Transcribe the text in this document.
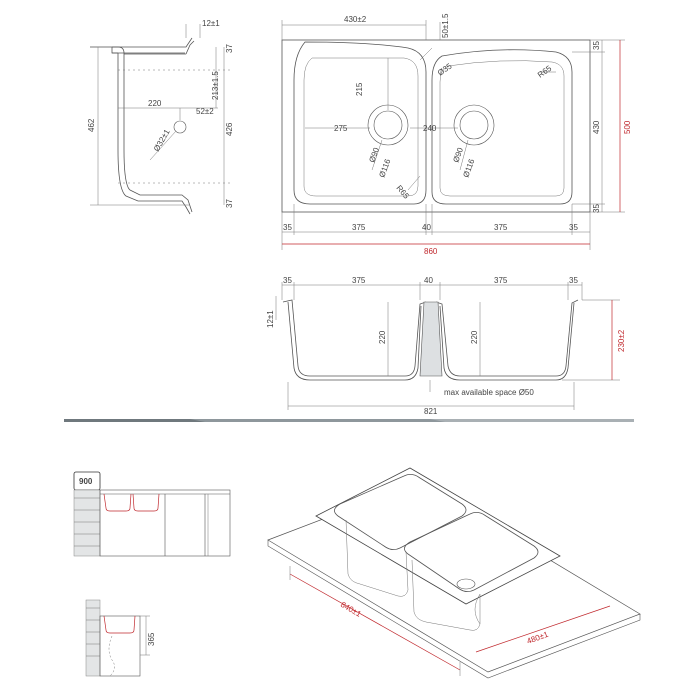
12±1
462
220
213±1.5
52±2
Ø32±1
37
426
37
430±2	50±1.5
Ø35	R65
215
275	240
Ø90
Ø116
Ø90
Ø116
R65
35
430
35
500
35	375	40	375	35
860
35	375	40	375	35
12±1
220	220	230±2
max available space Ø50
821
900
365
840±1
480±1
